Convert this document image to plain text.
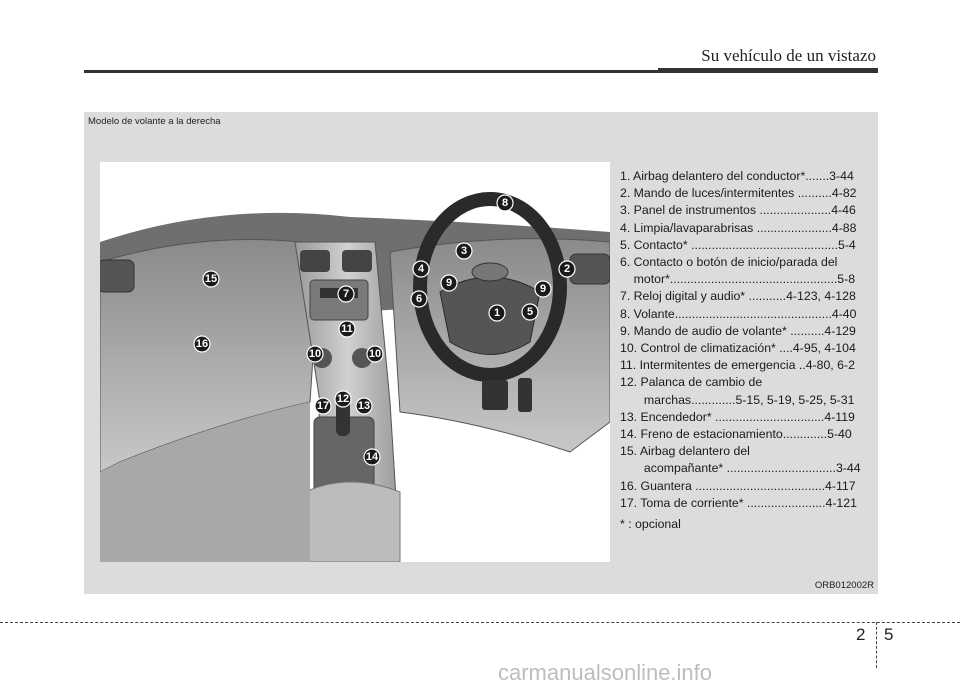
Su vehículo de un vistazo
Modelo de volante a la derecha
1
2
3
4
5
6
7
8
9	9
10	10
11
12
13
14
15
16
17

1. Airbag delantero del conductor*.......3-44

2. Mando de luces/intermitentes ..........4-82

3. Panel de instrumentos .....................4-46

4. Limpia/lavaparabrisas ......................4-88

5. Contacto* ...........................................5-4

6. Contacto o botón de inicio/parada del

motor*.................................................5-8

7. Reloj digital y audio* ...........4-123, 4-128

8. Volante..............................................4-40

9. Mando de audio de volante* ..........4-129

10. Control de climatización* ....4-95, 4-104

11. Intermitentes de emergencia ..4-80, 6-2

12. Palanca de cambio de

marchas.............5-15, 5-19, 5-25, 5-31

13. Encendedor* ................................4-119

14. Freno de estacionamiento.............5-40

15. Airbag delantero del

acompañante* ................................3-44

16. Guantera ......................................4-117

17. Toma de corriente* .......................4-121

* : opcional

ORB012002R
2 5
carmanualsonline.info
